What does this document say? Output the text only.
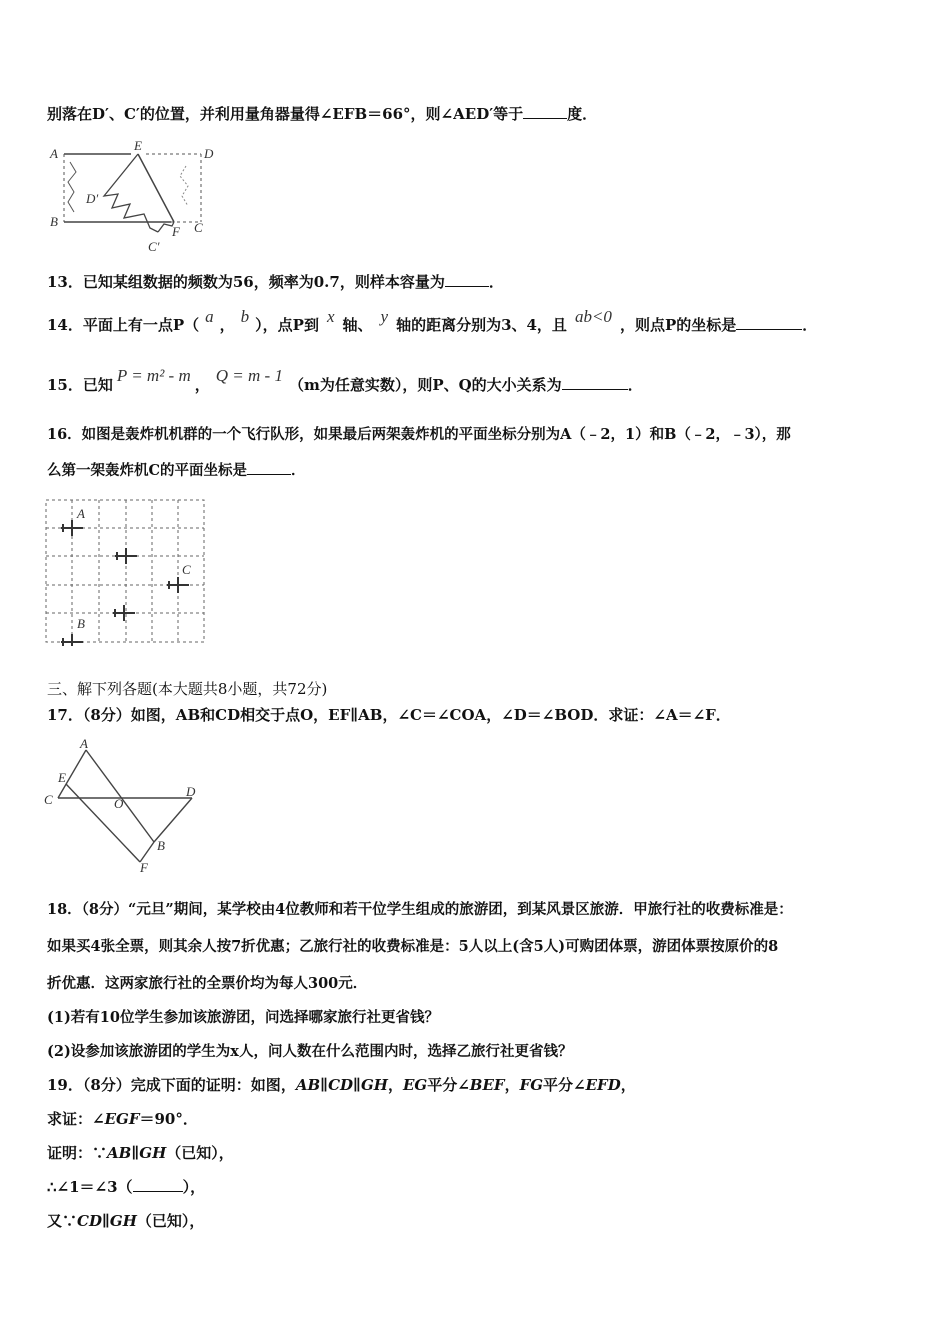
别落在D′、C′的位置，并利用量角器量得∠EFB＝66°，则∠AED′等于	度．
A
E
D
B
D′
F C
C′
13．已知某组数据的频数为56，频率为0.7，则样本容量为	．
14．平面上有一点P（ a ， b ），点P到 x 轴、 y 轴的距离分别为3、4，且 ab<0 ，则点P的坐标是	．
15．已知 P = m² - m ， Q = m - 1 （m为任意实数），则P、Q的大小关系为	．
16．如图是轰炸机机群的一个飞行队形，如果最后两架轰炸机的平面坐标分别为A（﹣2，1）和B（﹣2，﹣3），那
么第一架轰炸机C的平面坐标是	．
A
C
B
三、解下列各题(本大题共8小题，共72分)
17．（8分）如图，AB和CD相交于点O，EF∥AB，∠C＝∠COA，∠D＝∠BOD．求证：∠A＝∠F．
A
E
C	O
D
B
F
18．（8分）“元旦”期间，某学校由4位教师和若干位学生组成的旅游团，到某风景区旅游．甲旅行社的收费标准是：
如果买4张全票，则其余人按7折优惠；乙旅行社的收费标准是：5人以上(含5人)可购团体票，游团体票按原价的8
折优惠．这两家旅行社的全票价均为每人300元．
(1)若有10位学生参加该旅游团，问选择哪家旅行社更省钱？
(2)设参加该旅游团的学生为x人，问人数在什么范围内时，选择乙旅行社更省钱？
19．（8分）完成下面的证明：如图，AB∥CD∥GH，EG平分∠BEF，FG平分∠EFD，
求证：∠EGF＝90°．
证明：∵AB∥GH（已知），
∴∠1＝∠3（	），
又∵CD∥GH（已知），
